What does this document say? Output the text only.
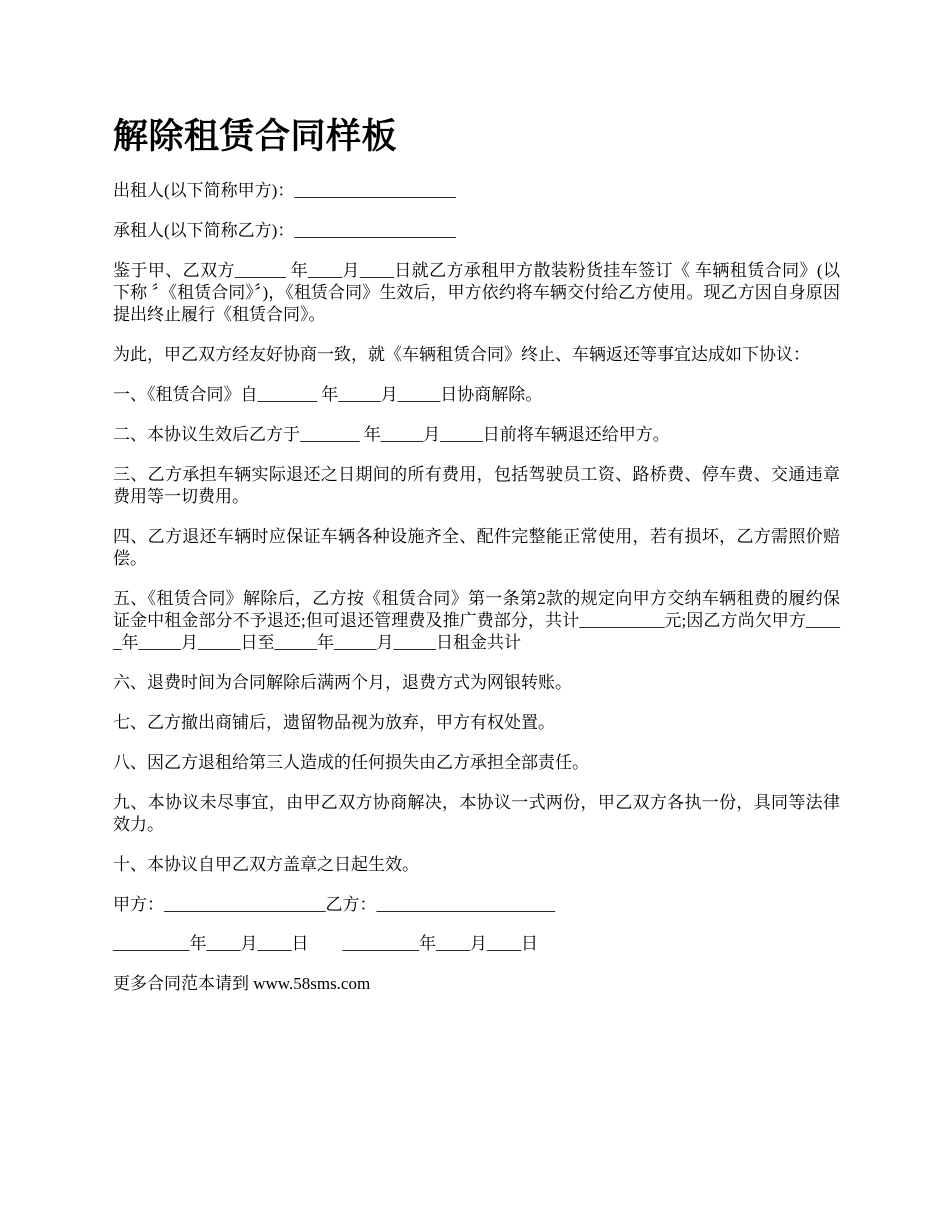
解除租赁合同样板

出租人(以下简称甲方)：___________________

承租人(以下简称乙方)：___________________

鉴于甲、乙双方______ 年____月____日就乙方承租甲方散装粉货挂车签订《 车辆租赁合同》(以下称 〞《租赁合同》〞)，《租赁合同》生效后，甲方依约将车辆交付给乙方使用。现乙方因自身原因提出终止履行《租赁合同》。

为此，甲乙双方经友好协商一致，就《车辆租赁合同》终止、车辆返还等事宜达成如下协议：

一、《租赁合同》自_______ 年_____月_____日协商解除。

二、本协议生效后乙方于_______ 年_____月_____日前将车辆退还给甲方。

三、乙方承担车辆实际退还之日期间的所有费用，包括驾驶员工资、路桥费、停车费、交通违章费用等一切费用。

四、乙方退还车辆时应保证车辆各种设施齐全、配件完整能正常使用，若有损坏，乙方需照价赔偿。

五、《租赁合同》解除后，乙方按《租赁合同》第一条第2款的规定向甲方交纳车辆租费的履约保证金中租金部分不予退还;但可退还管理费及推广费部分，共计__________元;因乙方尚欠甲方_____年_____月_____日至_____年_____月_____日租金共计

六、退费时间为合同解除后满两个月，退费方式为网银转账。

七、乙方撤出商铺后，遗留物品视为放弃，甲方有权处置。

八、因乙方退租给第三人造成的任何损失由乙方承担全部责任。

九、本协议未尽事宜，由甲乙双方协商解决，本协议一式两份，甲乙双方各执一份，具同等法律效力。

十、本协议自甲乙双方盖章之日起生效。

甲方：___________________乙方：_____________________

_________年____月____日        _________年____月____日

更多合同范本请到 www.58sms.com
